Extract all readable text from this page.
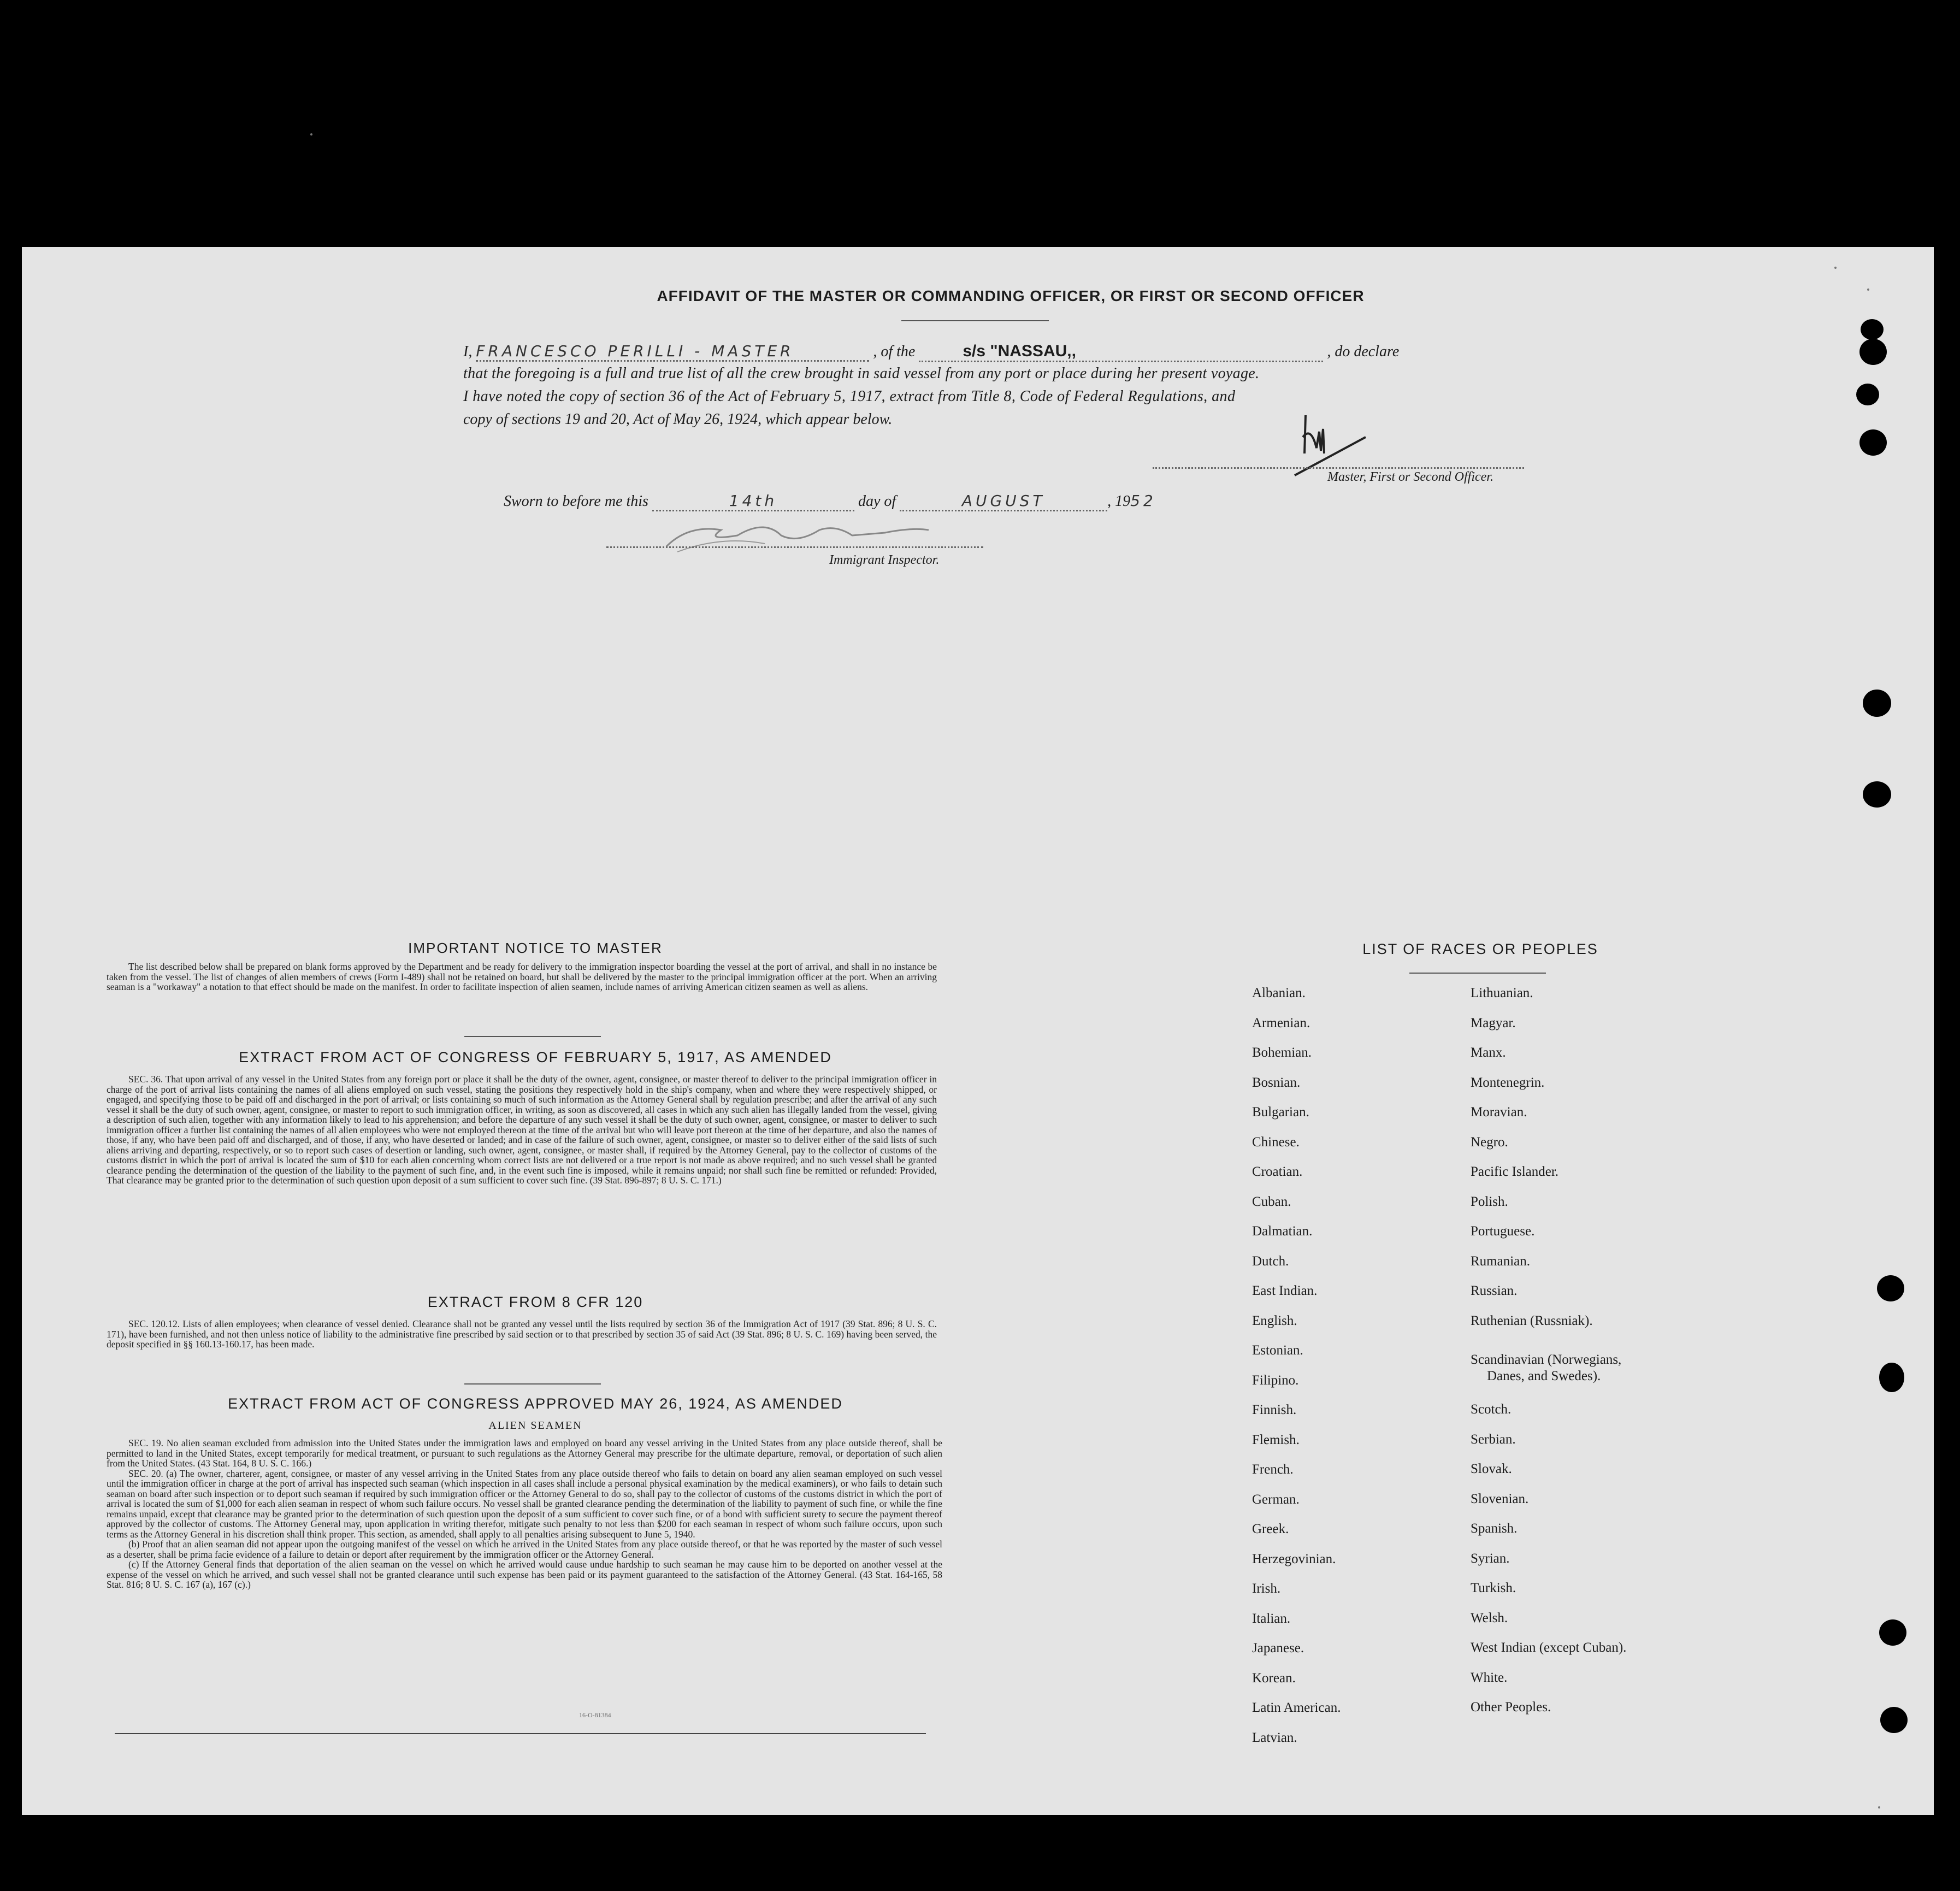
AFFIDAVIT OF THE MASTER OR COMMANDING OFFICER, OR FIRST OR SECOND OFFICER
I, FRANCESCO PERILLI - MASTER	, of the	s/s "NASSAU,,	, do declare
that the foregoing is a full and true list of all the crew brought in said vessel from any port or place during her present voyage.
I have noted the copy of section 36 of the Act of February 5, 1917, extract from Title 8, Code of Federal Regulations, and
copy of sections 19 and 20, Act of May 26, 1924, which appear below.
Master, First or Second Officer.
Sworn to before me this	14th	day of	AUGUST	, 1952
Immigrant Inspector.
IMPORTANT NOTICE TO MASTER

The list described below shall be prepared on blank forms approved by the Department and be ready for delivery to the immigration inspector boarding the vessel at the port of arrival, and shall in no instance be taken from the vessel. The list of changes of alien members of crews (Form I-489) shall not be retained on board, but shall be delivered by the master to the principal immigration officer at the port. When an arriving seaman is a "workaway" a notation to that effect should be made on the manifest. In order to facilitate inspection of alien seamen, include names of arriving American citizen seamen as well as aliens.

EXTRACT FROM ACT OF CONGRESS OF FEBRUARY 5, 1917, AS AMENDED

SEC. 36. That upon arrival of any vessel in the United States from any foreign port or place it shall be the duty of the owner, agent, consignee, or master thereof to deliver to the principal immigration officer in charge of the port of arrival lists containing the names of all aliens employed on such vessel, stating the positions they respectively hold in the ship's company, when and where they were respectively shipped, or engaged, and specifying those to be paid off and discharged in the port of arrival; or lists containing so much of such information as the Attorney General shall by regulation prescribe; and after the arrival of any such vessel it shall be the duty of such owner, agent, consignee, or master to report to such immigration officer, in writing, as soon as discovered, all cases in which any such alien has illegally landed from the vessel, giving a description of such alien, together with any information likely to lead to his apprehension; and before the departure of any such vessel it shall be the duty of such owner, agent, consignee, or master to deliver to such immigration officer a further list containing the names of all alien employees who were not employed thereon at the time of the arrival but who will leave port thereon at the time of her departure, and also the names of those, if any, who have been paid off and discharged, and of those, if any, who have deserted or landed; and in case of the failure of such owner, agent, consignee, or master so to deliver either of the said lists of such aliens arriving and departing, respectively, or so to report such cases of desertion or landing, such owner, agent, consignee, or master shall, if required by the Attorney General, pay to the collector of customs of the customs district in which the port of arrival is located the sum of $10 for each alien concerning whom correct lists are not delivered or a true report is not made as above required; and no such vessel shall be granted clearance pending the determination of the question of the liability to the payment of such fine, and, in the event such fine is imposed, while it remains unpaid; nor shall such fine be remitted or refunded: Provided, That clearance may be granted prior to the determination of such question upon deposit of a sum sufficient to cover such fine. (39 Stat. 896-897; 8 U. S. C. 171.)

EXTRACT FROM 8 CFR 120

SEC. 120.12. Lists of alien employees; when clearance of vessel denied. Clearance shall not be granted any vessel until the lists required by section 36 of the Immigration Act of 1917 (39 Stat. 896; 8 U. S. C. 171), have been furnished, and not then unless notice of liability to the administrative fine prescribed by said section or to that prescribed by section 35 of said Act (39 Stat. 896; 8 U. S. C. 169) having been served, the deposit specified in §§ 160.13-160.17, has been made.

EXTRACT FROM ACT OF CONGRESS APPROVED MAY 26, 1924, AS AMENDED
ALIEN SEAMEN

SEC. 19. No alien seaman excluded from admission into the United States under the immigration laws and employed on board any vessel arriving in the United States from any place outside thereof, shall be permitted to land in the United States, except temporarily for medical treatment, or pursuant to such regulations as the Attorney General may prescribe for the ultimate departure, removal, or deportation of such alien from the United States. (43 Stat. 164, 8 U. S. C. 166.)

SEC. 20. (a) The owner, charterer, agent, consignee, or master of any vessel arriving in the United States from any place outside thereof who fails to detain on board any alien seaman employed on such vessel until the immigration officer in charge at the port of arrival has inspected such seaman (which inspection in all cases shall include a personal physical examination by the medical examiners), or who fails to detain such seaman on board after such inspection or to deport such seaman if required by such immigration officer or the Attorney General to do so, shall pay to the collector of customs of the customs district in which the port of arrival is located the sum of $1,000 for each alien seaman in respect of whom such failure occurs. No vessel shall be granted clearance pending the determination of the liability to payment of such fine, or while the fine remains unpaid, except that clearance may be granted prior to the determination of such question upon the deposit of a sum sufficient to cover such fine, or of a bond with sufficient surety to secure the payment thereof approved by the collector of customs. The Attorney General may, upon application in writing therefor, mitigate such penalty to not less than $200 for each seaman in respect of whom such failure occurs, upon such terms as the Attorney General in his discretion shall think proper. This section, as amended, shall apply to all penalties arising subsequent to June 5, 1940.

(b) Proof that an alien seaman did not appear upon the outgoing manifest of the vessel on which he arrived in the United States from any place outside thereof, or that he was reported by the master of such vessel as a deserter, shall be prima facie evidence of a failure to detain or deport after requirement by the immigration officer or the Attorney General.

(c) If the Attorney General finds that deportation of the alien seaman on the vessel on which he arrived would cause undue hardship to such seaman he may cause him to be deported on another vessel at the expense of the vessel on which he arrived, and such vessel shall not be granted clearance until such expense has been paid or its payment guaranteed to the satisfaction of the Attorney General. (43 Stat. 164-165, 58 Stat. 816; 8 U. S. C. 167 (a), 167 (c).)

16-O-81384
LIST OF RACES OR PEOPLES
Albanian.
Armenian.
Bohemian.
Bosnian.
Bulgarian.
Chinese.
Croatian.
Cuban.
Dalmatian.
Dutch.
East Indian.
English.
Estonian.
Filipino.
Finnish.
Flemish.
French.
German.
Greek.
Herzegovinian.
Irish.
Italian.
Japanese.
Korean.
Latin American.
Latvian.
Lithuanian.
Magyar.
Manx.
Montenegrin.
Moravian.
Negro.
Pacific Islander.
Polish.
Portuguese.
Rumanian.
Russian.
Ruthenian (Russniak).
Scandinavian (Norwegians,
Danes, and Swedes).
Scotch.
Serbian.
Slovak.
Slovenian.
Spanish.
Syrian.
Turkish.
Welsh.
West Indian (except Cuban).
White.
Other Peoples.
